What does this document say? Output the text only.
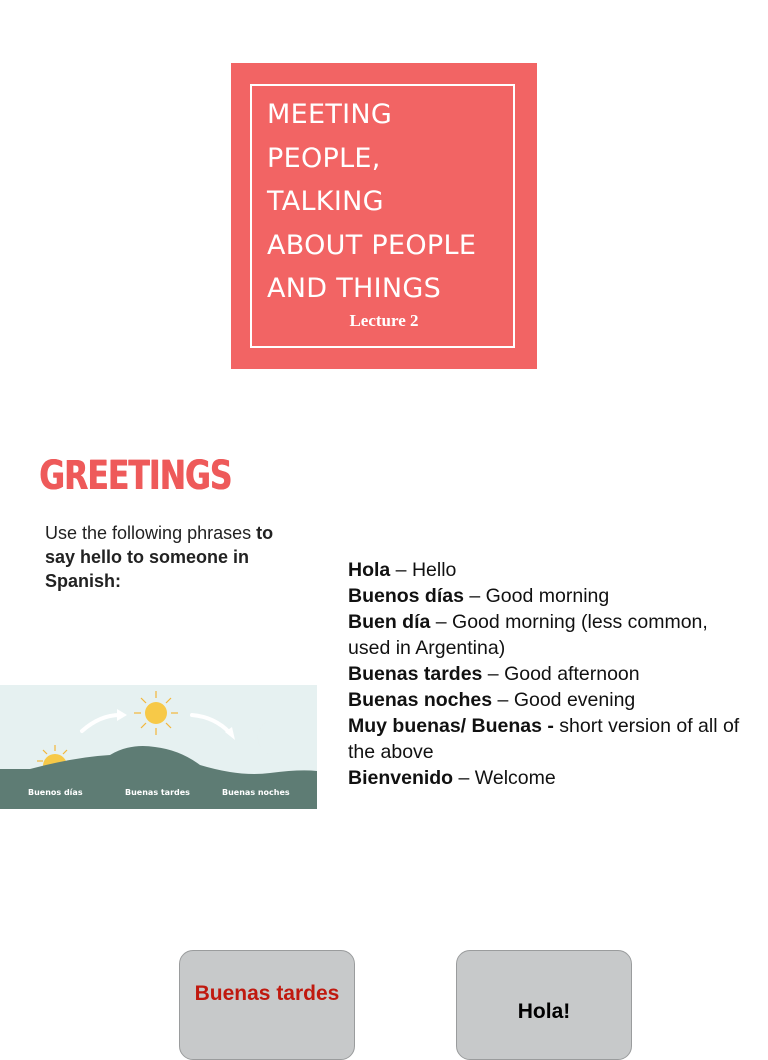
MEETING
PEOPLE,
TALKING
ABOUT PEOPLE
AND THINGS
Lecture 2
GREETINGS
Use the following phrases to say hello to someone in Spanish:	Hola – Hello
Buenos días – Good morning
Buen día – Good morning (less common, used in Argentina)
Buenas tardes – Good afternoon
Buenas noches – Good evening
Muy buenas/ Buenas - short version of all of the above
Bienvenido – Welcome
Buenos días	Buenas tardes	Buenas noches
Buenas tardes
Hola!
